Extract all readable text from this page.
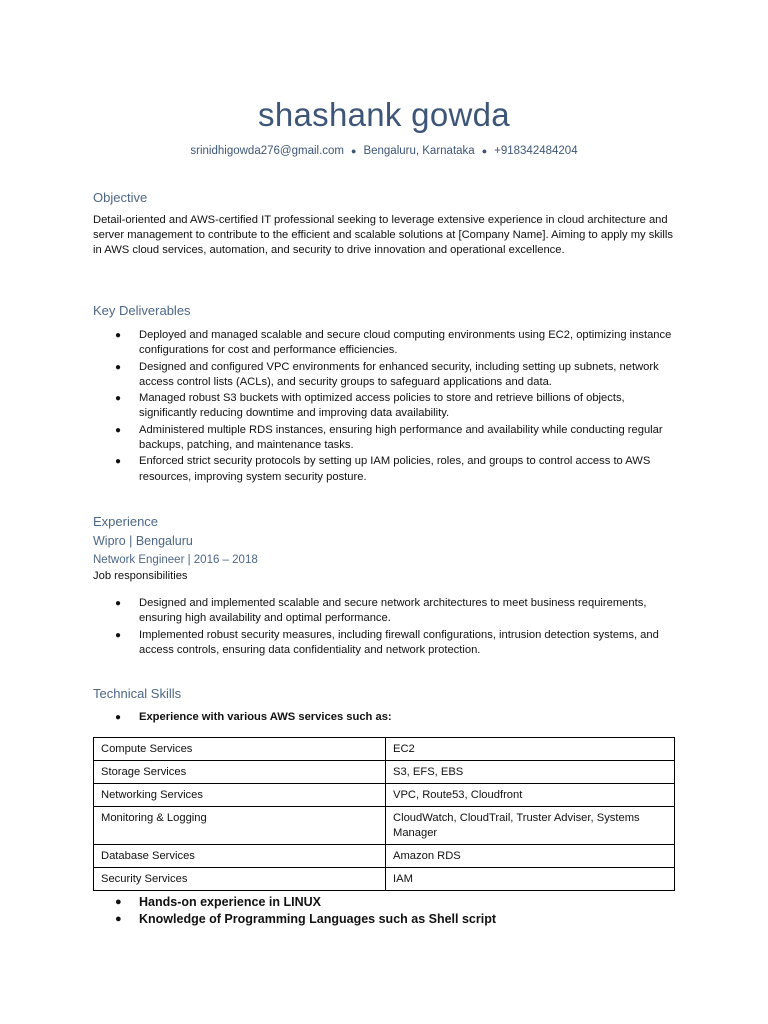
shashank gowda
srinidhigowda276@gmail.com ● Bengaluru, Karnataka ● +918342484204
Objective
Detail-oriented and AWS-certified IT professional seeking to leverage extensive experience in cloud architecture and server management to contribute to the efficient and scalable solutions at [Company Name]. Aiming to apply my skills in AWS cloud services, automation, and security to drive innovation and operational excellence.
Key Deliverables
● Deployed and managed scalable and secure cloud computing environments using EC2, optimizing instance configurations for cost and performance efficiencies.
● Designed and configured VPC environments for enhanced security, including setting up subnets, network access control lists (ACLs), and security groups to safeguard applications and data.
● Managed robust S3 buckets with optimized access policies to store and retrieve billions of objects, significantly reducing downtime and improving data availability.
● Administered multiple RDS instances, ensuring high performance and availability while conducting regular backups, patching, and maintenance tasks.
● Enforced strict security protocols by setting up IAM policies, roles, and groups to control access to AWS resources, improving system security posture.
Experience
Wipro | Bengaluru
Network Engineer | 2016 – 2018
Job responsibilities
● Designed and implemented scalable and secure network architectures to meet business requirements, ensuring high availability and optimal performance.
● Implemented robust security measures, including firewall configurations, intrusion detection systems, and access controls, ensuring data confidentiality and network protection.
Technical Skills
● Experience with various AWS services such as:
Compute Services	EC2
Storage Services	S3, EFS, EBS
Networking Services	VPC, Route53, Cloudfront
Monitoring & Logging	CloudWatch, CloudTrail, Truster Adviser, Systems Manager
Database Services	Amazon RDS
Security Services	IAM
● Hands-on experience in LINUX
● Knowledge of Programming Languages such as Shell script
